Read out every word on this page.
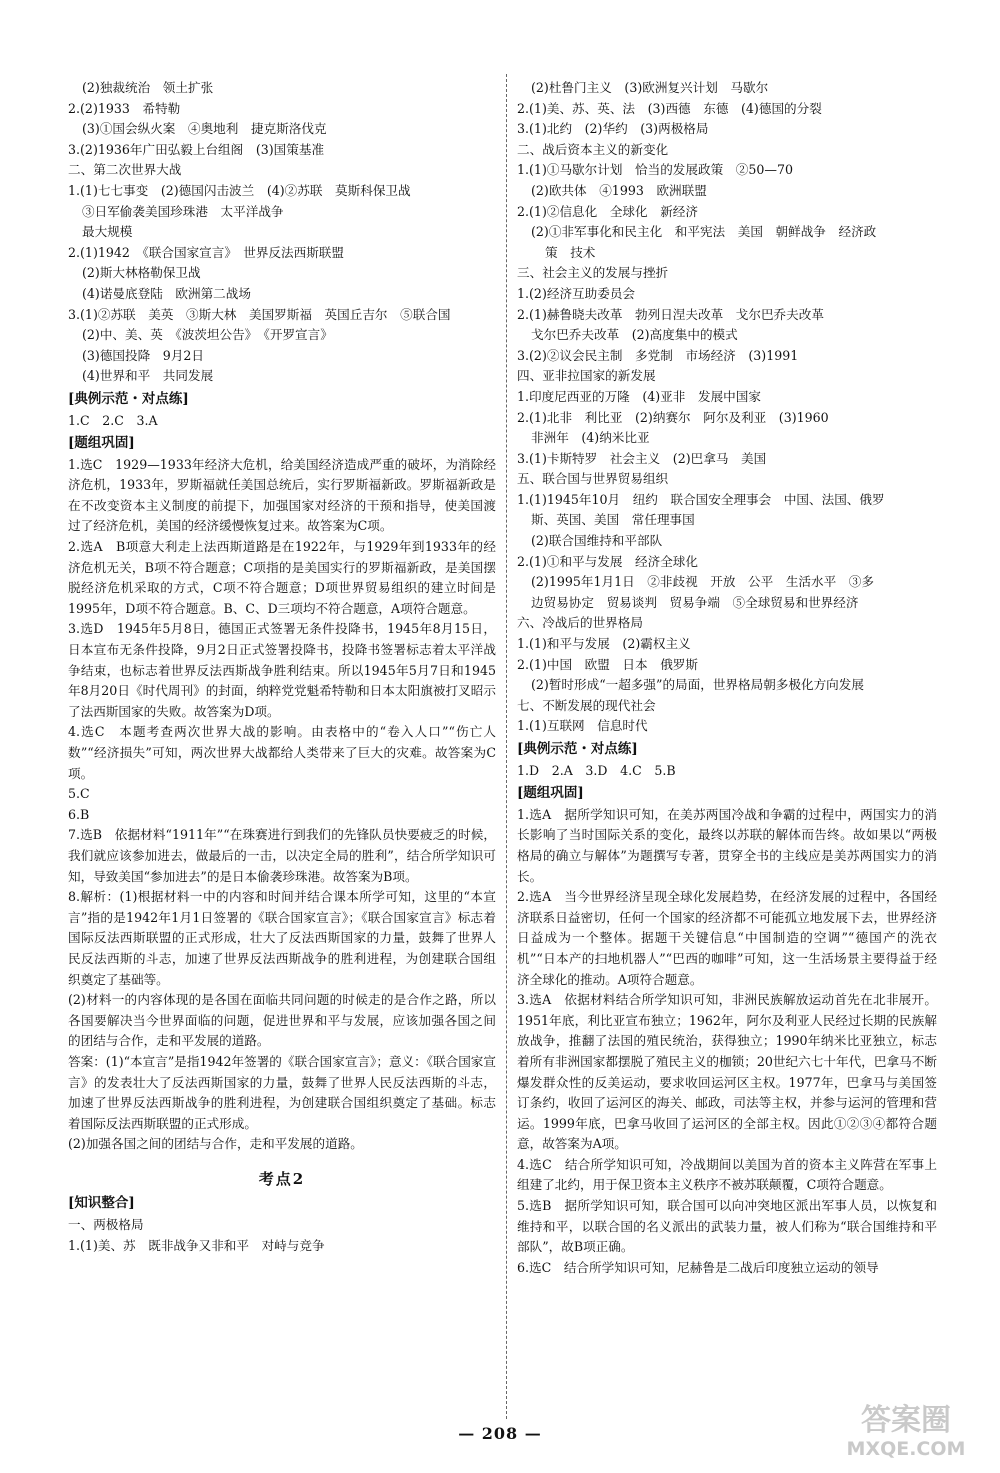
(2)独裁统治　领土扩张
2.(2)1933　希特勒
(3)①国会纵火案　④奥地利　捷克斯洛伐克
3.(2)1936年广田弘毅上台组阁　(3)国策基准
二、第二次世界大战
1.(1)七七事变　(2)德国闪击波兰　(4)②苏联　莫斯科保卫战
③日军偷袭美国珍珠港　太平洋战争
最大规模
2.(1)1942　《联合国家宣言》　世界反法西斯联盟
(2)斯大林格勒保卫战
(4)诺曼底登陆　欧洲第二战场
3.(1)②苏联　美英　③斯大林　美国罗斯福　英国丘吉尔　⑤联合国
(2)中、美、英　《波茨坦公告》　《开罗宣言》
(3)德国投降　9月2日
(4)世界和平　共同发展
[典例示范・对点练]
1.C　2.C　3.A
[题组巩固]
1.选C　1929—1933年经济大危机，给美国经济造成严重的破坏，为消除经济危机，1933年，罗斯福就任美国总统后，实行罗斯福新政。罗斯福新政是在不改变资本主义制度的前提下，加强国家对经济的干预和指导，使美国渡过了经济危机，美国的经济缓慢恢复过来。故答案为C项。
2.选A　B项意大利走上法西斯道路是在1922年，与1929年到1933年的经济危机无关，B项不符合题意；C项指的是美国实行的罗斯福新政，是美国摆脱经济危机采取的方式，C项不符合题意；D项世界贸易组织的建立时间是1995年，D项不符合题意。B、C、D三项均不符合题意，A项符合题意。
3.选D　1945年5月8日，德国正式签署无条件投降书，1945年8月15日，日本宣布无条件投降，9月2日正式签署投降书，投降书签署标志着太平洋战争结束，也标志着世界反法西斯战争胜利结束。所以1945年5月7日和1945年8月20日《时代周刊》的封面，纳粹党党魁希特勒和日本太阳旗被打叉昭示了法西斯国家的失败。故答案为D项。
4.选C　本题考查两次世界大战的影响。由表格中的“卷入人口”“伤亡人数”“经济损失”可知，两次世界大战都给人类带来了巨大的灾难。故答案为C项。
5.C
6.B
7.选B　依据材料“1911年”“在珠赛进行到我们的先锋队员快要疲乏的时候，我们就应该参加进去，做最后的一击，以决定全局的胜利”，结合所学知识可知，导致美国“参加进去”的是日本偷袭珍珠港。故答案为B项。
8.解析：(1)根据材料一中的内容和时间并结合课本所学可知，这里的“本宣言”指的是1942年1月1日签署的《联合国家宣言》；《联合国家宣言》标志着国际反法西斯联盟的正式形成，壮大了反法西斯国家的力量，鼓舞了世界人民反法西斯的斗志，加速了世界反法西斯战争的胜利进程，为创建联合国组织奠定了基础等。
(2)材料一的内容体现的是各国在面临共同问题的时候走的是合作之路，所以各国要解决当今世界面临的问题，促进世界和平与发展，应该加强各国之间的团结与合作，走和平发展的道路。
答案：(1)“本宣言”是指1942年签署的《联合国家宣言》；意义：《联合国家宣言》的发表壮大了反法西斯国家的力量，鼓舞了世界人民反法西斯的斗志，加速了世界反法西斯战争的胜利进程，为创建联合国组织奠定了基础。标志着国际反法西斯联盟的正式形成。
(2)加强各国之间的团结与合作，走和平发展的道路。
考点2
[知识整合]
一、两极格局
1.(1)美、苏　既非战争又非和平　对峙与竞争
(2)杜鲁门主义　(3)欧洲复兴计划　马歇尔
2.(1)美、苏、英、法　(3)西德　东德　(4)德国的分裂
3.(1)北约　(2)华约　(3)两极格局
二、战后资本主义的新变化
1.(1)①马歇尔计划　恰当的发展政策　②50—70
(2)欧共体　④1993　欧洲联盟
2.(1)②信息化　全球化　新经济
(2)①非军事化和民主化　和平宪法　美国　朝鲜战争　经济政
策　技术
三、社会主义的发展与挫折
1.(2)经济互助委员会
2.(1)赫鲁晓夫改革　勃列日涅夫改革　戈尔巴乔夫改革
戈尔巴乔夫改革　(2)高度集中的模式
3.(2)②议会民主制　多党制　市场经济　(3)1991
四、亚非拉国家的新发展
1.印度尼西亚的万隆　(4)亚非　发展中国家
2.(1)北非　利比亚　(2)纳赛尔　阿尔及利亚　(3)1960
非洲年　(4)纳米比亚
3.(1)卡斯特罗　社会主义　(2)巴拿马　美国
五、联合国与世界贸易组织
1.(1)1945年10月　纽约　联合国安全理事会　中国、法国、俄罗
斯、英国、美国　常任理事国
(2)联合国维持和平部队
2.(1)①和平与发展　经济全球化
(2)1995年1月1日　②非歧视　开放　公平　生活水平　③多
边贸易协定　贸易谈判　贸易争端　⑤全球贸易和世界经济
六、冷战后的世界格局
1.(1)和平与发展　(2)霸权主义
2.(1)中国　欧盟　日本　俄罗斯
(2)暂时形成“一超多强”的局面，世界格局朝多极化方向发展
七、不断发展的现代社会
1.(1)互联网　信息时代
[典例示范・对点练]
1.D　2.A　3.D　4.C　5.B
[题组巩固]
1.选A　据所学知识可知，在美苏两国冷战和争霸的过程中，两国实力的消长影响了当时国际关系的变化，最终以苏联的解体而告终。故如果以“两极格局的确立与解体”为题撰写专著，贯穿全书的主线应是美苏两国实力的消长。
2.选A　当今世界经济呈现全球化发展趋势，在经济发展的过程中，各国经济联系日益密切，任何一个国家的经济都不可能孤立地发展下去，世界经济日益成为一个整体。据题干关键信息“中国制造的空调”“德国产的洗衣机”“日本产的扫地机器人”“巴西的咖啡”可知，这一生活场景主要得益于经济全球化的推动。A项符合题意。
3.选A　依据材料结合所学知识可知，非洲民族解放运动首先在北非展开。1951年底，利比亚宣布独立；1962年，阿尔及利亚人民经过长期的民族解放战争，推翻了法国的殖民统治，获得独立；1990年纳米比亚独立，标志着所有非洲国家都摆脱了殖民主义的枷锁；20世纪六七十年代，巴拿马不断爆发群众性的反美运动，要求收回运河区主权。1977年，巴拿马与美国签订条约，收回了运河区的海关、邮政，司法等主权，并参与运河的管理和营运。1999年底，巴拿马收回了运河区的全部主权。因此①②③④都符合题意，故答案为A项。
4.选C　结合所学知识可知，冷战期间以美国为首的资本主义阵营在军事上组建了北约，用于保卫资本主义秩序不被苏联颠覆，C项符合题意。
5.选B　据所学知识可知，联合国可以向冲突地区派出军事人员，以恢复和维持和平，以联合国的名义派出的武装力量，被人们称为“联合国维持和平部队”，故B项正确。
6.选C　结合所学知识可知，尼赫鲁是二战后印度独立运动的领导
— 208 —	答案圈
MXQE.COM
